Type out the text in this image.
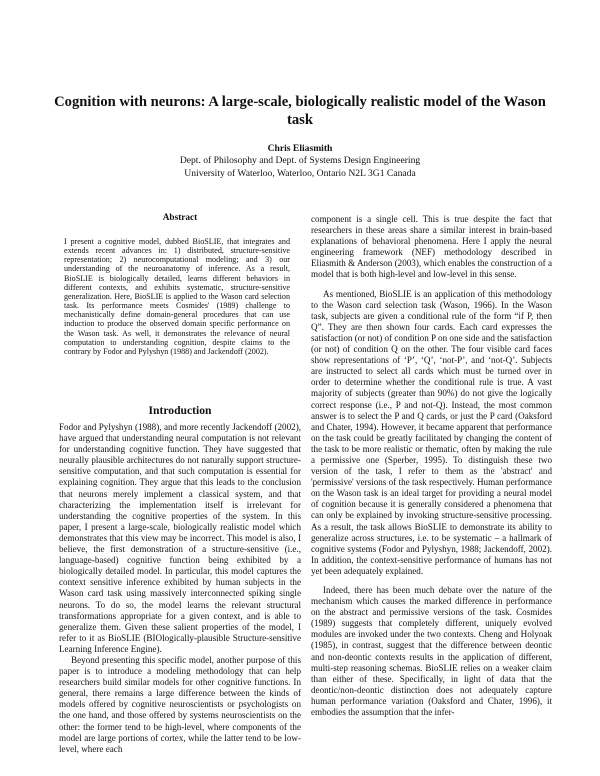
Cognition with neurons: A large-scale, biologically realistic model of the Wason task
Chris Eliasmith
Dept. of Philosophy and Dept. of Systems Design Engineering
University of Waterloo, Waterloo, Ontario N2L 3G1 Canada
Abstract

I present a cognitive model, dubbed BioSLIE, that integrates and extends recent advances in: 1) distributed, structure-sensitive representation; 2) neurocomputational modeling; and 3) our understanding of the neuroanatomy of inference. As a result, BioSLIE is biologically detailed, learns different behaviors in different contexts, and exhibits systematic, structure-sensitive generalization. Here, BioSLIE is applied to the Wason card selection task. Its performance meets Cosmides' (1989) challenge to mechanistically define domain-general procedures that can use induction to produce the observed domain specific performance on the Wason task. As well, it demonstrates the relevance of neural computation to understanding cognition, despite claims to the contrary by Fodor and Pylyshyn (1988) and Jackendoff (2002).

Introduction

Fodor and Pylyshyn (1988), and more recently Jackendoff (2002), have argued that understanding neural computation is not relevant for understanding cognitive function. They have suggested that neurally plausible architectures do not naturally support structure-sensitive computation, and that such computation is essential for explaining cognition. They argue that this leads to the conclusion that neurons merely implement a classical system, and that characterizing the implementation itself is irrelevant for understanding the cognitive properties of the system. In this paper, I present a large-scale, biologically realistic model which demonstrates that this view may be incorrect. This model is also, I believe, the first demonstration of a structure-sensitive (i.e., language-based) cognitive function being exhibited by a biologically detailed model. In particular, this model captures the context sensitive inference exhibited by human subjects in the Wason card task using massively interconnected spiking single neurons. To do so, the model learns the relevant structural transformations appropriate for a given context, and is able to generalize them. Given these salient properties of the model, I refer to it as BioSLIE (BIOlogically-plausible Structure-sensitive Learning Inference Engine).

Beyond presenting this specific model, another purpose of this paper is to introduce a modeling methodology that can help researchers build similar models for other cognitive functions. In general, there remains a large difference between the kinds of models offered by cognitive neuroscientists or psychologists on the one hand, and those offered by systems neuroscientists on the other: the former tend to be high-level, where components of the model are large portions of cortex, while the latter tend to be low-level, where each

component is a single cell. This is true despite the fact that researchers in these areas share a similar interest in brain-based explanations of behavioral phenomena. Here I apply the neural engineering framework (NEF) methodology described in Eliasmith & Anderson (2003), which enables the construction of a model that is both high-level and low-level in this sense.

As mentioned, BioSLIE is an application of this methodology to the Wason card selection task (Wason, 1966). In the Wason task, subjects are given a conditional rule of the form “if P, then Q”. They are then shown four cards. Each card expresses the satisfaction (or not) of condition P on one side and the satisfaction (or not) of condition Q on the other. The four visible card faces show representations of ‘P’, ‘Q’, ‘not-P’, and ‘not-Q’. Subjects are instructed to select all cards which must be turned over in order to determine whether the conditional rule is true. A vast majority of subjects (greater than 90%) do not give the logically correct response (i.e., P and not-Q). Instead, the most common answer is to select the P and Q cards, or just the P card (Oaksford and Chater, 1994). However, it became apparent that performance on the task could be greatly facilitated by changing the content of the task to be more realistic or thematic, often by making the rule a permissive one (Sperber, 1995). To distinguish these two version of the task, I refer to them as the 'abstract' and 'permissive' versions of the task respectively. Human performance on the Wason task is an ideal target for providing a neural model of cognition because it is generally considered a phenomena that can only be explained by invoking structure-sensitive processing. As a result, the task allows BioSLIE to demonstrate its ability to generalize across structures, i.e. to be systematic – a hallmark of cognitive systems (Fodor and Pylyshyn, 1988; Jackendoff, 2002). In addition, the context-sensitive performance of humans has not yet been adequately explained.

Indeed, there has been much debate over the nature of the mechanism which causes the marked difference in performance on the abstract and permissive versions of the task. Cosmides (1989) suggests that completely different, uniquely evolved modules are invoked under the two contexts. Cheng and Holyoak (1985), in contrast, suggest that the difference between deontic and non-deontic contexts results in the application of different, multi-step reasoning schemas. BioSLIE relies on a weaker claim than either of these. Specifically, in light of data that the deontic/non-deontic distinction does not adequately capture human performance variation (Oaksford and Chater, 1996), it embodies the assumption that the infer-
